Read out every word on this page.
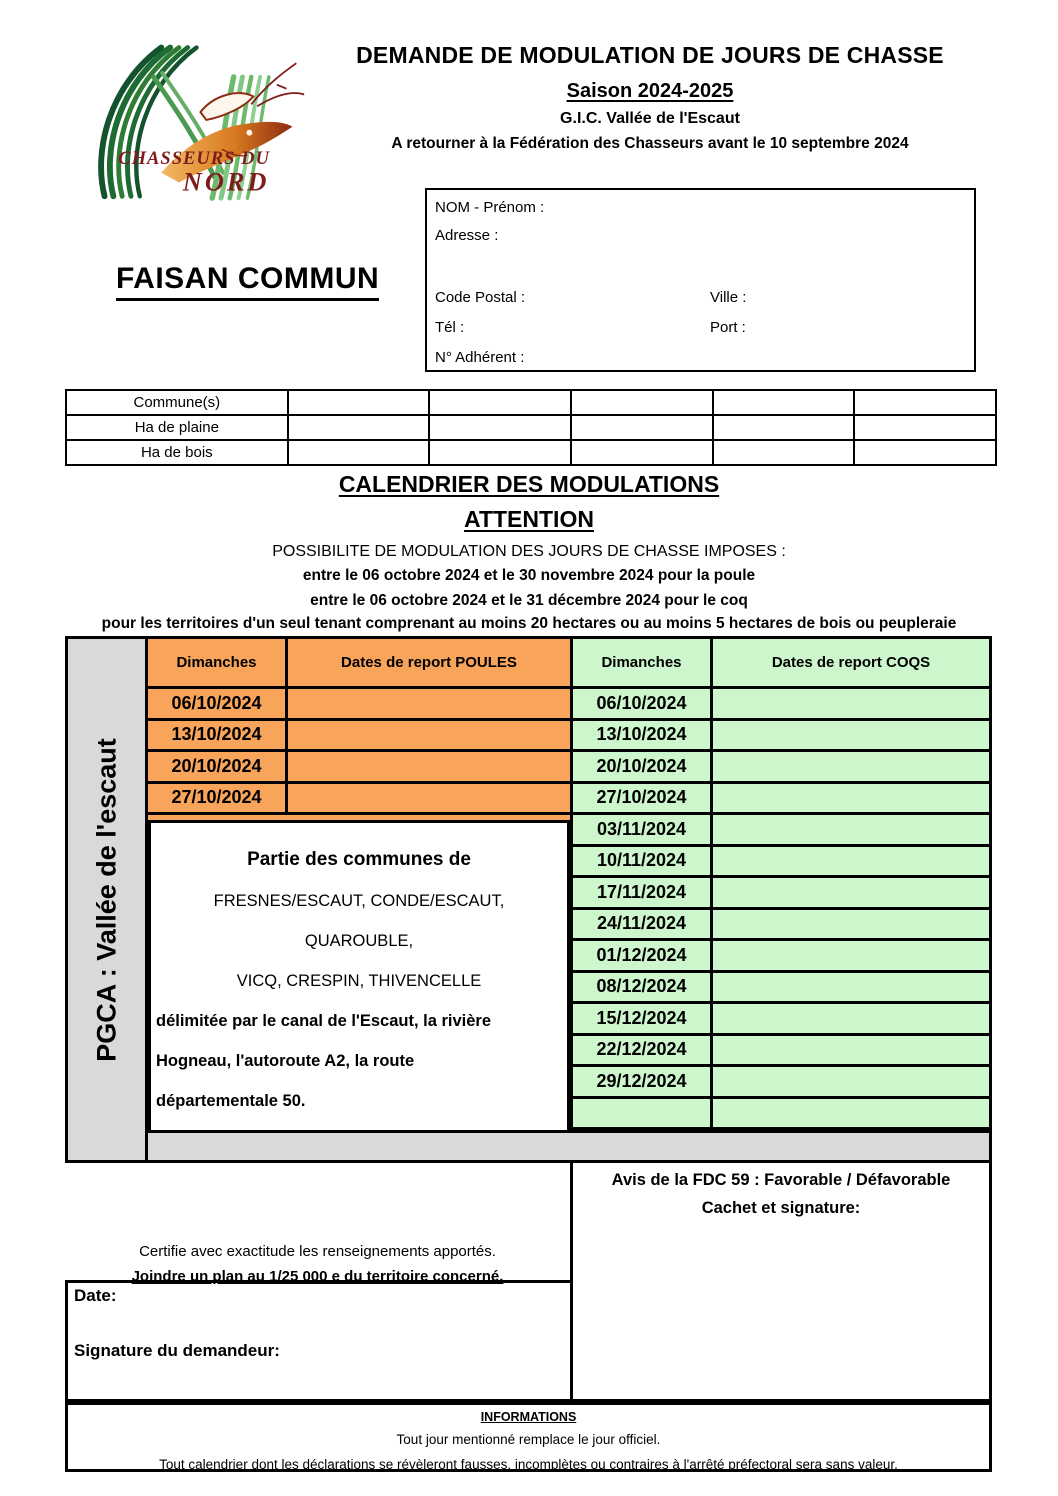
CHASSEURS DU
NORD
DEMANDE DE MODULATION DE JOURS DE CHASSE
Saison 2024-2025
G.I.C. Vallée de l'Escaut
A retourner à la Fédération des Chasseurs avant le 10 septembre 2024
NOM - Prénom :
Adresse :
Code Postal :	Ville :
Tél :	Port :
N° Adhérent :
FAISAN COMMUN
Commune(s)					
Ha de plaine					
Ha de bois					
CALENDRIER DES MODULATIONS
ATTENTION
POSSIBILITE DE MODULATION DES JOURS DE CHASSE IMPOSES :
entre le 06 octobre 2024 et le 30 novembre 2024 pour la poule
entre le 06 octobre 2024 et le 31 décembre 2024 pour le coq
pour les territoires d'un seul tenant comprenant au moins 20 hectares ou au moins 5 hectares de bois ou peupleraie
PGCA : Vallée de l'escaut
Dimanches	Dates de report POULES
06/10/2024
13/10/2024
20/10/2024
27/10/2024
Partie des communes de
FRESNES/ESCAUT, CONDE/ESCAUT,
QUAROUBLE,
VICQ, CRESPIN, THIVENCELLE
délimitée par le canal de l'Escaut, la rivière
Hogneau, l'autoroute A2, la route
départementale 50.
Dimanches	Dates de report COQS
06/10/2024
13/10/2024
20/10/2024
27/10/2024
03/11/2024
10/11/2024
17/11/2024
24/11/2024
01/12/2024
08/12/2024
15/12/2024
22/12/2024
29/12/2024
Certifie avec exactitude les renseignements apportés.
Joindre un plan au 1/25 000 e du territoire concerné.
Date:
Signature du demandeur:
Avis de la FDC 59 : Favorable / Défavorable
Cachet et signature:
INFORMATIONS
Tout jour mentionné remplace le jour officiel.
Tout calendrier dont les déclarations se révèleront fausses, incomplètes ou contraires à l'arrêté préfectoral sera sans valeur.
